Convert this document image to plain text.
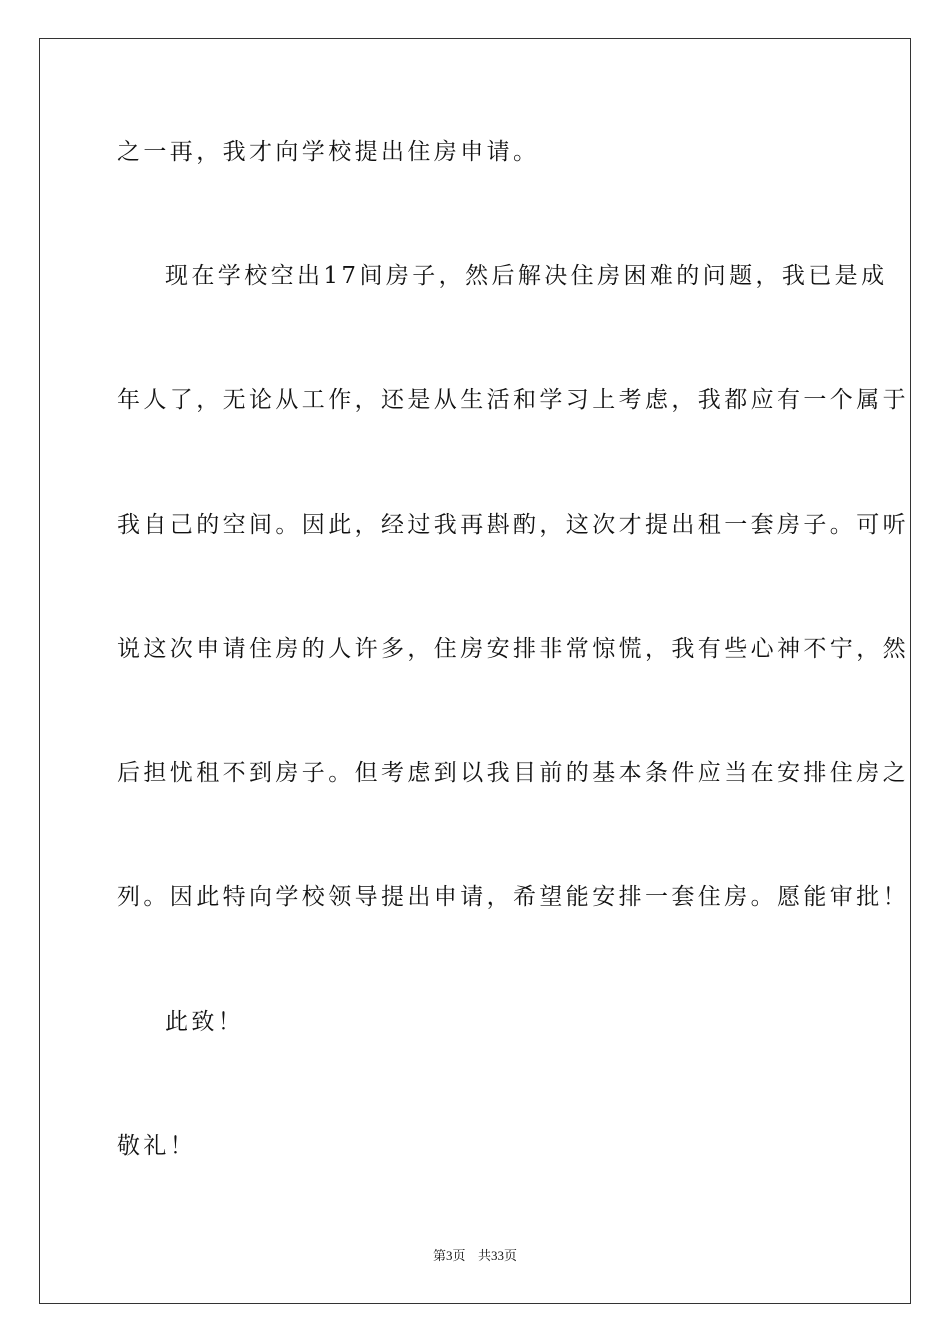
之一再，我才向学校提出住房申请。

现在学校空出17间房子，然后解决住房困难的问题，我已是成

年人了，无论从工作，还是从生活和学习上考虑，我都应有一个属于

我自己的空间。因此，经过我再斟酌，这次才提出租一套房子。可听

说这次申请住房的人许多，住房安排非常惊慌，我有些心神不宁，然

后担忧租不到房子。但考虑到以我目前的基本条件应当在安排住房之

列。因此特向学校领导提出申请，希望能安排一套住房。愿能审批！

此致！

敬礼！

第3页 共33页
